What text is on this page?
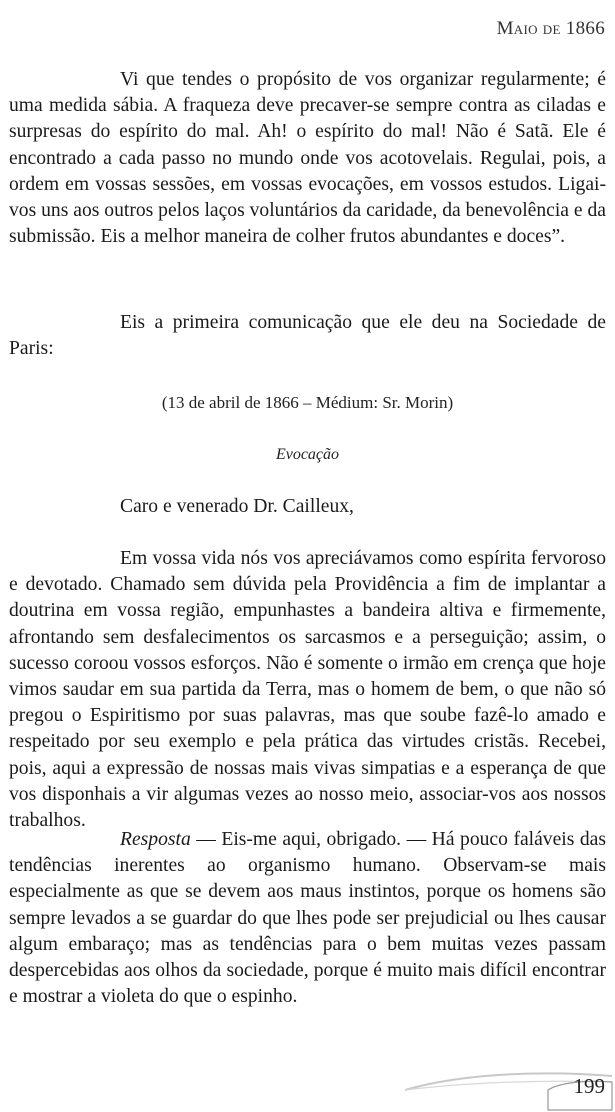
Maio de 1866

Vi que tendes o propósito de vos organizar regularmente; é uma medida sábia. A fraqueza deve precaver-se sempre contra as ciladas e surpresas do espírito do mal. Ah! o espírito do mal! Não é Satã. Ele é encontrado a cada passo no mundo onde vos acotovelais. Regulai, pois, a ordem em vossas sessões, em vossas evocações, em vossos estudos. Ligai-vos uns aos outros pelos laços voluntários da caridade, da benevolência e da submissão. Eis a melhor maneira de colher frutos abundantes e doces”.

Eis a primeira comunicação que ele deu na Sociedade de Paris:

(13 de abril de 1866 – Médium: Sr. Morin)
Evocação

Caro e venerado Dr. Cailleux,

Em vossa vida nós vos apreciávamos como espírita fervoroso e devotado. Chamado sem dúvida pela Providência a fim de implantar a doutrina em vossa região, empunhastes a bandeira altiva e firmemente, afrontando sem desfalecimentos os sarcasmos e a perseguição; assim, o sucesso coroou vossos esforços. Não é somente o irmão em crença que hoje vimos saudar em sua partida da Terra, mas o homem de bem, o que não só pregou o Espiritismo por suas palavras, mas que soube fazê-lo amado e respeitado por seu exemplo e pela prática das virtudes cristãs. Recebei, pois, aqui a expressão de nossas mais vivas simpatias e a esperança de que vos disponhais a vir algumas vezes ao nosso meio, associar-vos aos nossos trabalhos.

Resposta — Eis-me aqui, obrigado. — Há pouco faláveis das tendências inerentes ao organismo humano. Observam-se mais especialmente as que se devem aos maus instintos, porque os homens são sempre levados a se guardar do que lhes pode ser prejudicial ou lhes causar algum embaraço; mas as tendências para o bem muitas vezes passam despercebidas aos olhos da sociedade, porque é muito mais difícil encontrar e mostrar a violeta do que o espinho.

199
